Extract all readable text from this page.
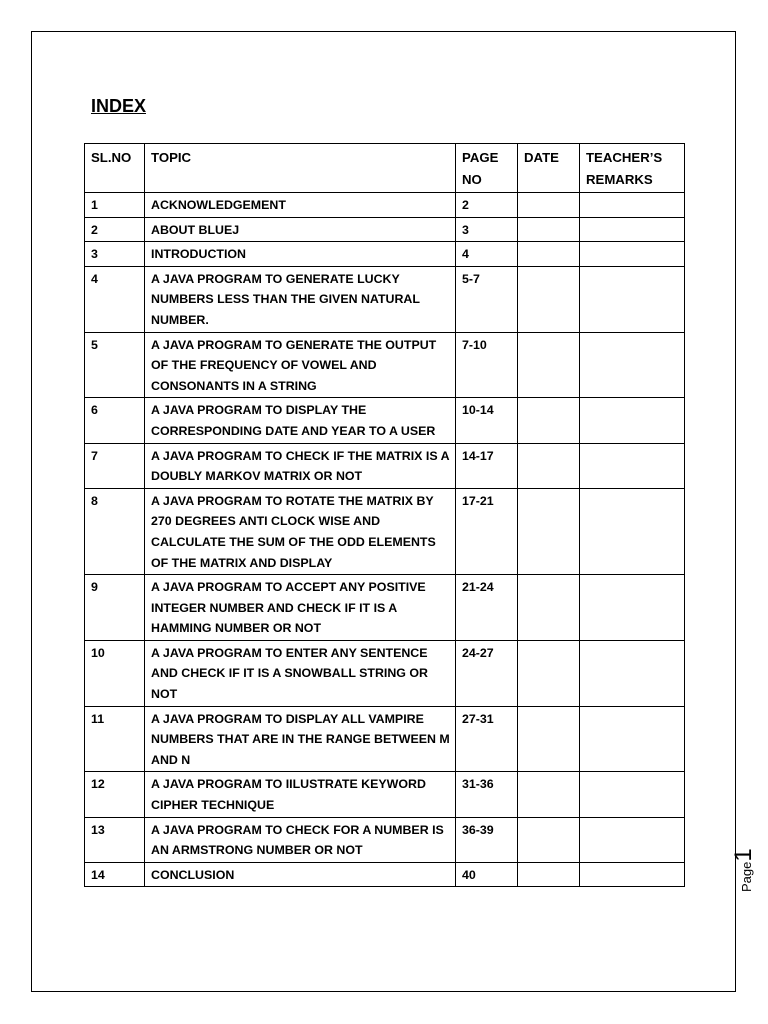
INDEX
SL.NO	TOPIC	PAGE NO	DATE	TEACHER’S REMARKS
1	ACKNOWLEDGEMENT	2		
2	ABOUT BLUEJ	3		
3	INTRODUCTION	4		
4	A JAVA PROGRAM TO GENERATE LUCKY NUMBERS LESS THAN THE GIVEN NATURAL NUMBER.	5-7		
5	A JAVA PROGRAM TO GENERATE THE OUTPUT OF THE FREQUENCY OF VOWEL AND CONSONANTS IN A STRING	7-10		
6	A JAVA PROGRAM TO DISPLAY THE CORRESPONDING DATE AND YEAR TO A USER	10-14		
7	A JAVA PROGRAM TO CHECK IF THE MATRIX IS A DOUBLY MARKOV MATRIX OR NOT	14-17		
8	A JAVA PROGRAM TO ROTATE THE MATRIX BY 270 DEGREES ANTI CLOCK WISE AND CALCULATE THE SUM OF THE ODD ELEMENTS OF THE MATRIX AND DISPLAY	17-21		
9	A JAVA PROGRAM TO ACCEPT ANY POSITIVE INTEGER NUMBER AND CHECK IF IT IS A HAMMING NUMBER OR NOT	21-24		
10	A JAVA PROGRAM TO ENTER ANY SENTENCE AND CHECK IF IT IS A SNOWBALL STRING OR NOT	24-27		
11	A JAVA PROGRAM TO DISPLAY ALL VAMPIRE NUMBERS THAT ARE IN THE RANGE BETWEEN M AND N	27-31		
12	A JAVA PROGRAM TO IILUSTRATE KEYWORD CIPHER TECHNIQUE	31-36		
13	A JAVA PROGRAM TO CHECK FOR A NUMBER IS AN ARMSTRONG NUMBER OR NOT	36-39		
14	CONCLUSION	40			Page1
